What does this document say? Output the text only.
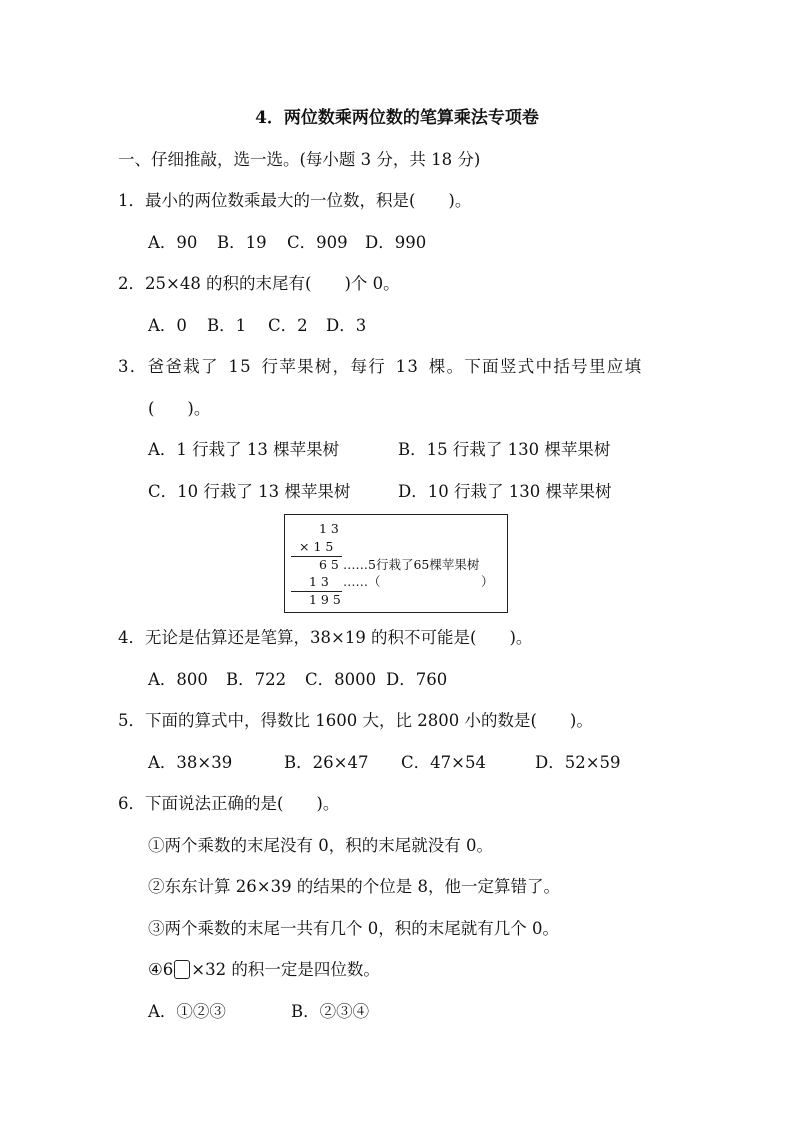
4．两位数乘两位数的笔算乘法专项卷
一、仔细推敲，选一选。(每小题 3 分，共 18 分)
1．最小的两位数乘最大的一位数，积是(　　)。
A．90 B．19 C．909 D．990
2．25×48 的积的末尾有(　　)个 0。
A．0 B．1 C．2 D．3
3．爸爸栽了 15 行苹果树，每行 13 棵。下面竖式中括号里应填
(　　)。
A．1 行栽了 13 棵苹果树	B．15 行栽了 130 棵苹果树
C．10 行栽了 13 棵苹果树	D．10 行栽了 130 棵苹果树
1 3
× 1 5
6 5 ……5行栽了65棵苹果树
1 3 ……（	）
1 9 5
4．无论是估算还是笔算，38×19 的积不可能是(　　)。
A．800 B．722 C．8000 D．760
5．下面的算式中，得数比 1600 大，比 2800 小的数是(　　)。
A．38×39	B．26×47 C．47×54	D．52×59
6．下面说法正确的是(　　)。
①两个乘数的末尾没有 0，积的末尾就没有 0。
②东东计算 26×39 的结果的个位是 8，他一定算错了。
③两个乘数的末尾一共有几个 0，积的末尾就有几个 0。
④6 ×32 的积一定是四位数。
A．①②③	B．②③④
